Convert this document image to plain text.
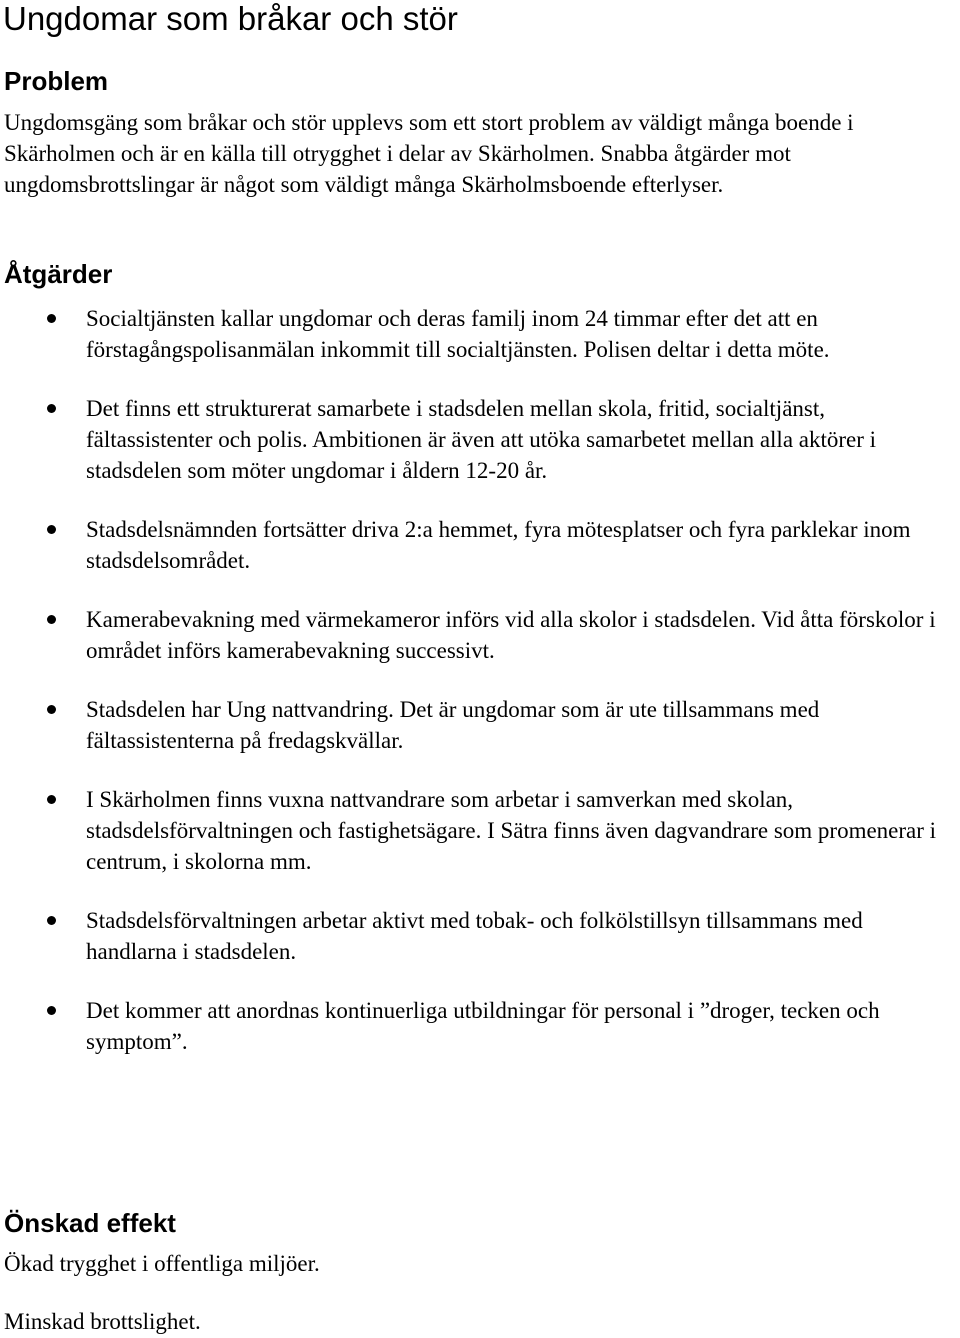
Ungdomar som bråkar och stör
Problem

Ungdomsgäng som bråkar och stör upplevs som ett stort problem av väldigt många boende i Skärholmen och är en källa till otrygghet i delar av Skärholmen. Snabba åtgärder mot ungdomsbrottslingar är något som väldigt många Skärholmsboende efterlyser.

Åtgärder
Socialtjänsten kallar ungdomar och deras familj inom 24 timmar efter det att en förstagångspolisanmälan inkommit till socialtjänsten. Polisen deltar i detta möte.
Det finns ett strukturerat samarbete i stadsdelen mellan skola, fritid, socialtjänst, fältassistenter och polis. Ambitionen är även att utöka samarbetet mellan alla aktörer i stadsdelen som möter ungdomar i åldern 12-20 år.
Stadsdelsnämnden fortsätter driva 2:a hemmet, fyra mötesplatser och fyra parklekar inom stadsdelsområdet.
Kamerabevakning med värmekameror införs vid alla skolor i stadsdelen. Vid åtta förskolor i området införs kamerabevakning successivt.
Stadsdelen har Ung nattvandring. Det är ungdomar som är ute tillsammans med fältassistenterna på fredagskvällar.
I Skärholmen finns vuxna nattvandrare som arbetar i samverkan med skolan, stadsdelsförvaltningen och fastighetsägare. I Sätra finns även dagvandrare som promenerar i centrum, i skolorna mm.
Stadsdelsförvaltningen arbetar aktivt med tobak- och folkölstillsyn tillsammans med handlarna i stadsdelen.
Det kommer att anordnas kontinuerliga utbildningar för personal i ”droger, tecken och symptom”.
Önskad effekt

Ökad trygghet i offentliga miljöer.

Minskad brottslighet.
